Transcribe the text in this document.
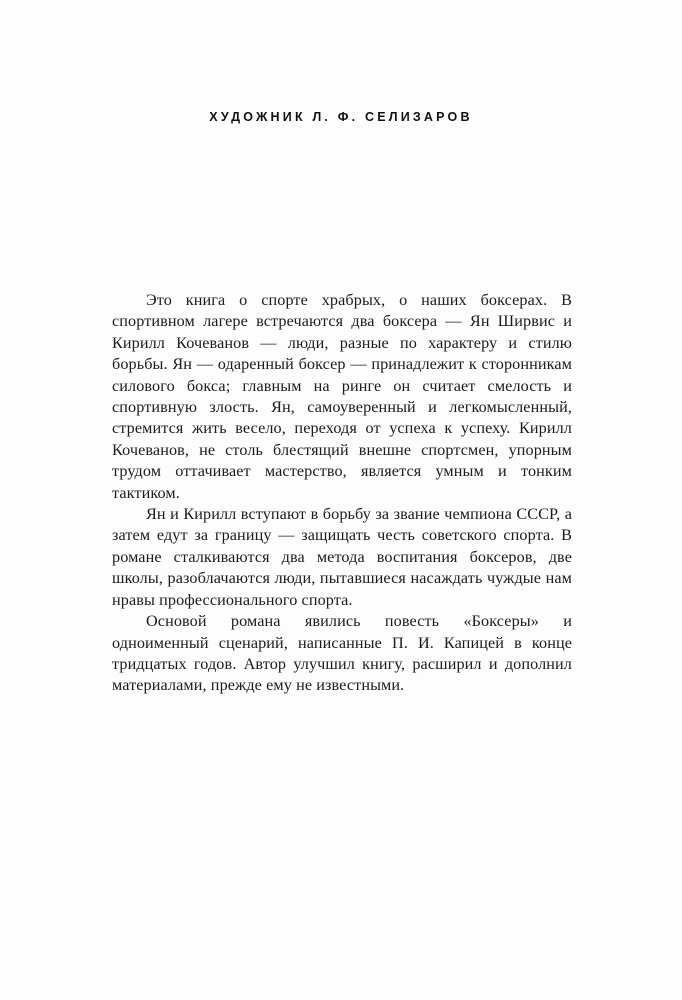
ХУДОЖНИК Л. Ф. СЕЛИЗАРОВ

Это книга о спорте храбрых, о наших боксерах. В спортивном лагере встречаются два боксера — Ян Ширвис и Кирилл Кочеванов — люди, разные по характеру и стилю борьбы. Ян — одаренный боксер — принадлежит к сторонникам силового бокса; главным на ринге он считает смелость и спортивную злость. Ян, самоуверенный и легкомысленный, стремится жить весело, переходя от успеха к успеху. Кирилл Кочеванов, не столь блестящий внешне спортсмен, упорным трудом оттачивает мастерство, является умным и тонким тактиком.

Ян и Кирилл вступают в борьбу за звание чемпиона СССР, а затем едут за границу — защищать честь советского спорта. В романе сталкиваются два метода воспитания боксеров, две школы, разоблачаются люди, пытавшиеся насаждать чуждые нам нравы профессионального спорта.

Основой романа явились повесть «Боксеры» и одноименный сценарий, написанные П. И. Капицей в конце тридцатых годов. Автор улучшил книгу, расширил и дополнил материалами, прежде ему не известными.
